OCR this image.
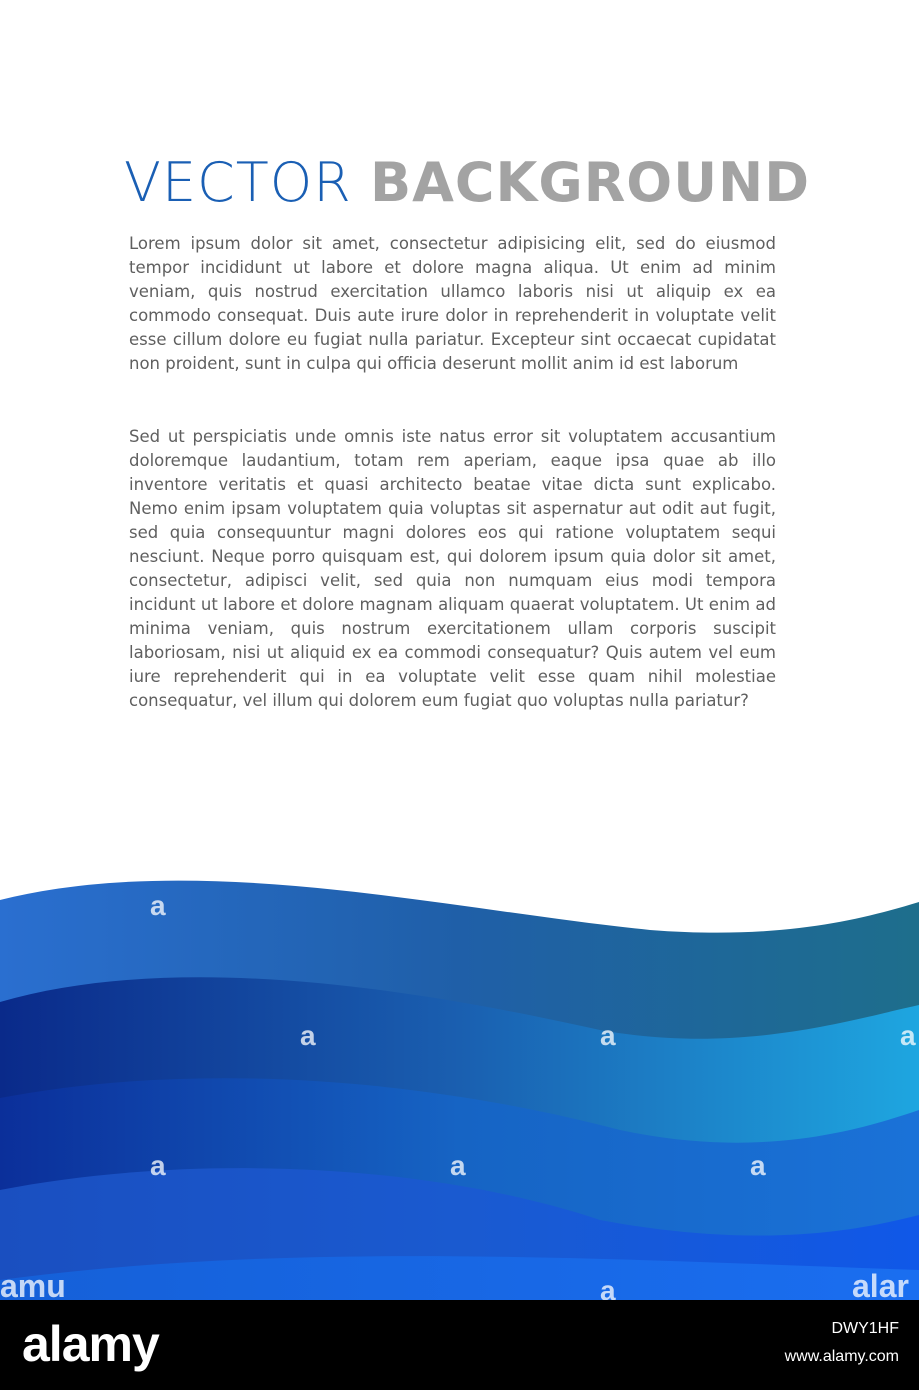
VECTOR BACKGROUND
Lorem ipsum dolor sit amet, consectetur adipisicing elit, sed do eiusmod tempor incididunt ut labore et dolore magna aliqua. Ut enim ad minim veniam, quis nostrud exercitation ullamco laboris nisi ut aliquip ex ea commodo consequat. Duis aute irure dolor in reprehenderit in voluptate velit esse cillum dolore eu fugiat nulla pariatur. Excepteur sint occaecat cupidatat non proident, sunt in culpa qui officia deserunt mollit anim id est laborum
Sed ut perspiciatis unde omnis iste natus error sit voluptatem accusantium doloremque laudantium, totam rem aperiam, eaque ipsa quae ab illo inventore veritatis et quasi architecto beatae vitae dicta sunt explicabo. Nemo enim ipsam voluptatem quia voluptas sit aspernatur aut odit aut fugit, sed quia consequuntur magni dolores eos qui ratione voluptatem sequi nesciunt. Neque porro quisquam est, qui dolorem ipsum quia dolor sit amet, consectetur, adipisci velit, sed quia non numquam eius modi tempora incidunt ut labore et dolore magnam aliquam quaerat voluptatem. Ut enim ad minima veniam, quis nostrum exercitationem ullam corporis suscipit laboriosam, nisi ut aliquid ex ea commodi consequatur? Quis autem vel eum iure reprehenderit qui in ea voluptate velit esse quam nihil molestiae consequatur, vel illum qui dolorem eum fugiat quo voluptas nulla pariatur?
a
a	a	a
a	a	a
a
amu	alar
alamy	DWY1HF
www.alamy.com
